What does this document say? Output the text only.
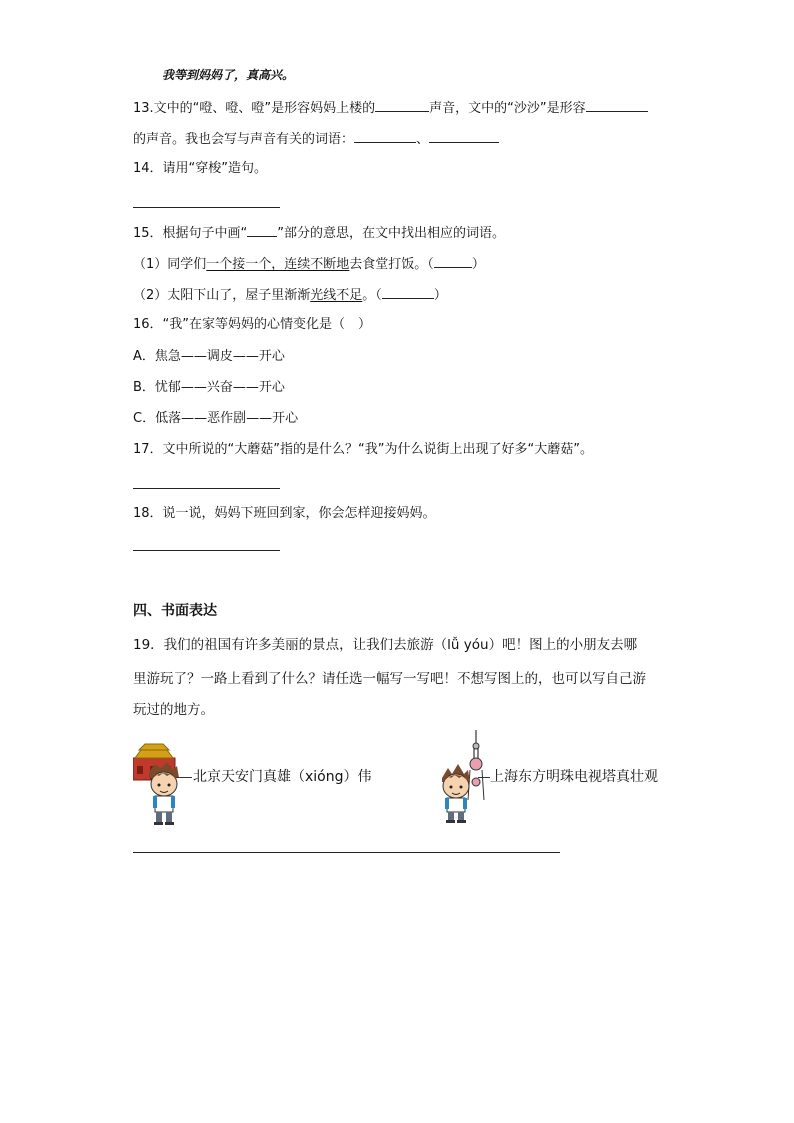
我等到妈妈了，真高兴。
13.文中的“噔、噔、噔”是形容妈妈上楼的	声音，文中的“沙沙”是形容
的声音。我也会写与声音有关的词语：	、
14．请用“穿梭”造句。
15．根据句子中画“ ”部分的意思，在文中找出相应的词语。
（1）同学们一个接一个，连续不断地去食堂打饭。（	）
（2）太阳下山了，屋子里渐渐光线不足。（	）
16．“我”在家等妈妈的心情变化是（　）
A．焦急——调皮——开心
B．忧郁——兴奋——开心
C．低落——恶作剧——开心
17．文中所说的“大蘑菇”指的是什么？“我”为什么说街上出现了好多“大蘑菇”。
18．说一说，妈妈下班回到家，你会怎样迎接妈妈。
四、书面表达
19．我们的祖国有许多美丽的景点，让我们去旅游（lǚ yóu）吧！图上的小朋友去哪
里游玩了？一路上看到了什么？请任选一幅写一写吧！不想写图上的，也可以写自己游
玩过的地方。
北京天安门真雄（xióng）伟	上海东方明珠电视塔真壮观
